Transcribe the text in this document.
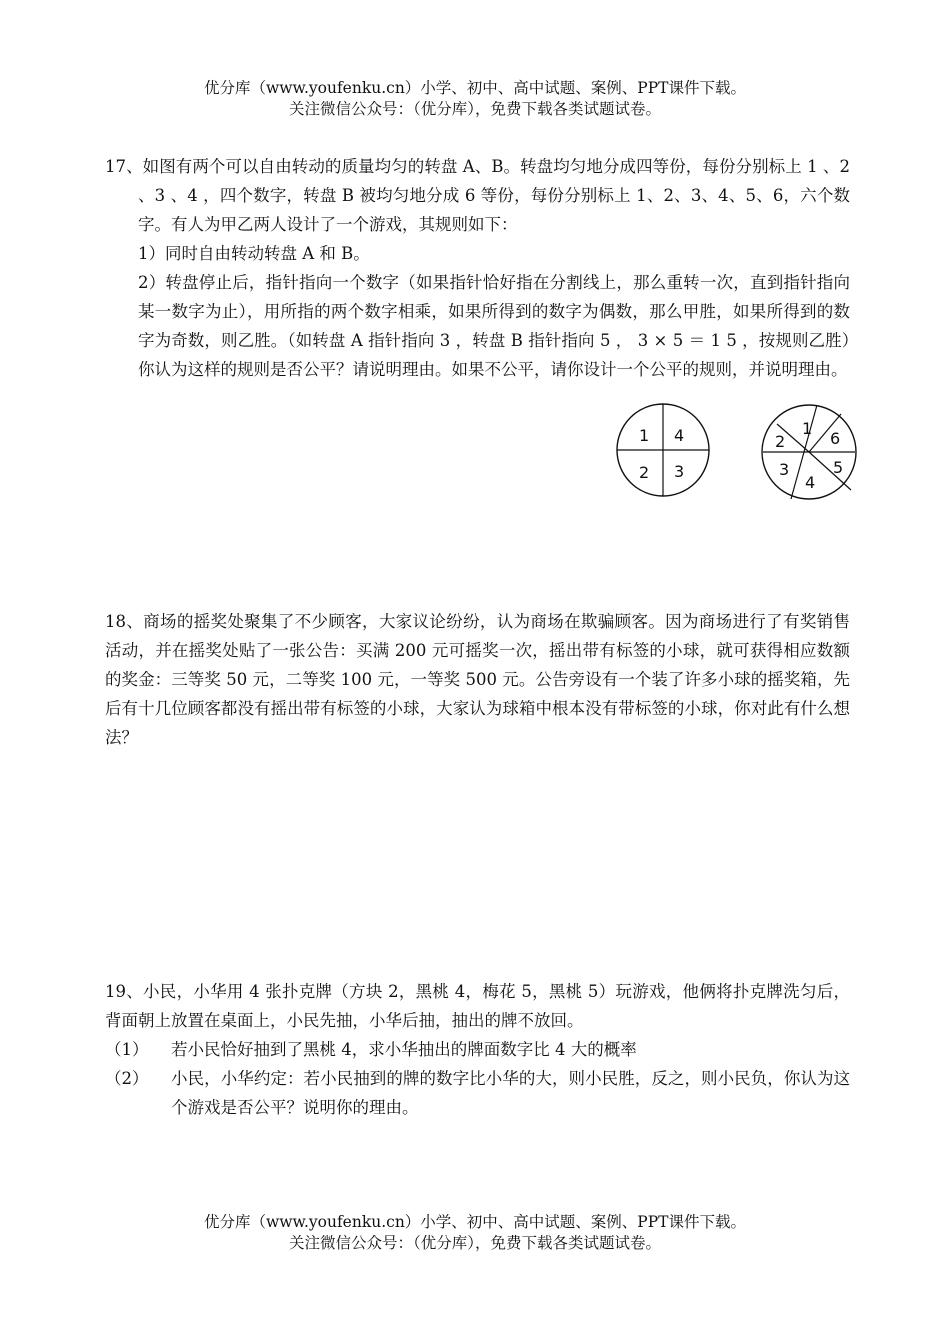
优分库（www.youfenku.cn）小学、初中、高中试题、案例、PPT课件下载。
关注微信公众号：（优分库），免费下载各类试题试卷。
17、如图有两个可以自由转动的质量均匀的转盘 A、B。转盘均匀地分成四等份，每份分别标上 1 、2 、3 、4 ，四个数字，转盘 B 被均匀地分成 6 等份，每份分别标上 1、2、3、4、5、6，六个数字。有人为甲乙两人设计了一个游戏，其规则如下：
1）同时自由转动转盘 A 和 B。
2）转盘停止后，指针指向一个数字（如果指针恰好指在分割线上，那么重转一次，直到指针指向某一数字为止），用所指的两个数字相乘，如果所得到的数字为偶数，那么甲胜，如果所得到的数字为奇数，则乙胜。（如转盘 A 指针指向 3 ，转盘 B 指针指向 5 ， 3 × 5 ＝ 1 5 ，按规则乙胜）你认为这样的规则是否公平？请说明理由。如果不公平，请你设计一个公平的规则，并说明理由。
1 4
2 3
1
6
2
3	5
4
18、商场的摇奖处聚集了不少顾客，大家议论纷纷，认为商场在欺骗顾客。因为商场进行了有奖销售活动，并在摇奖处贴了一张公告：买满 200 元可摇奖一次，摇出带有标签的小球，就可获得相应数额的奖金：三等奖 50 元，二等奖 100 元，一等奖 500 元。公告旁设有一个装了许多小球的摇奖箱，先后有十几位顾客都没有摇出带有标签的小球，大家认为球箱中根本没有带标签的小球，你对此有什么想法？
19、小民，小华用 4 张扑克牌（方块 2，黑桃 4，梅花 5，黑桃 5）玩游戏，他俩将扑克牌洗匀后，背面朝上放置在桌面上，小民先抽，小华后抽，抽出的牌不放回。
（1）	若小民恰好抽到了黑桃 4，求小华抽出的牌面数字比 4 大的概率
（2）	小民，小华约定：若小民抽到的牌的数字比小华的大，则小民胜，反之，则小民负，你认为这个游戏是否公平？说明你的理由。
优分库（www.youfenku.cn）小学、初中、高中试题、案例、PPT课件下载。
关注微信公众号：（优分库），免费下载各类试题试卷。
